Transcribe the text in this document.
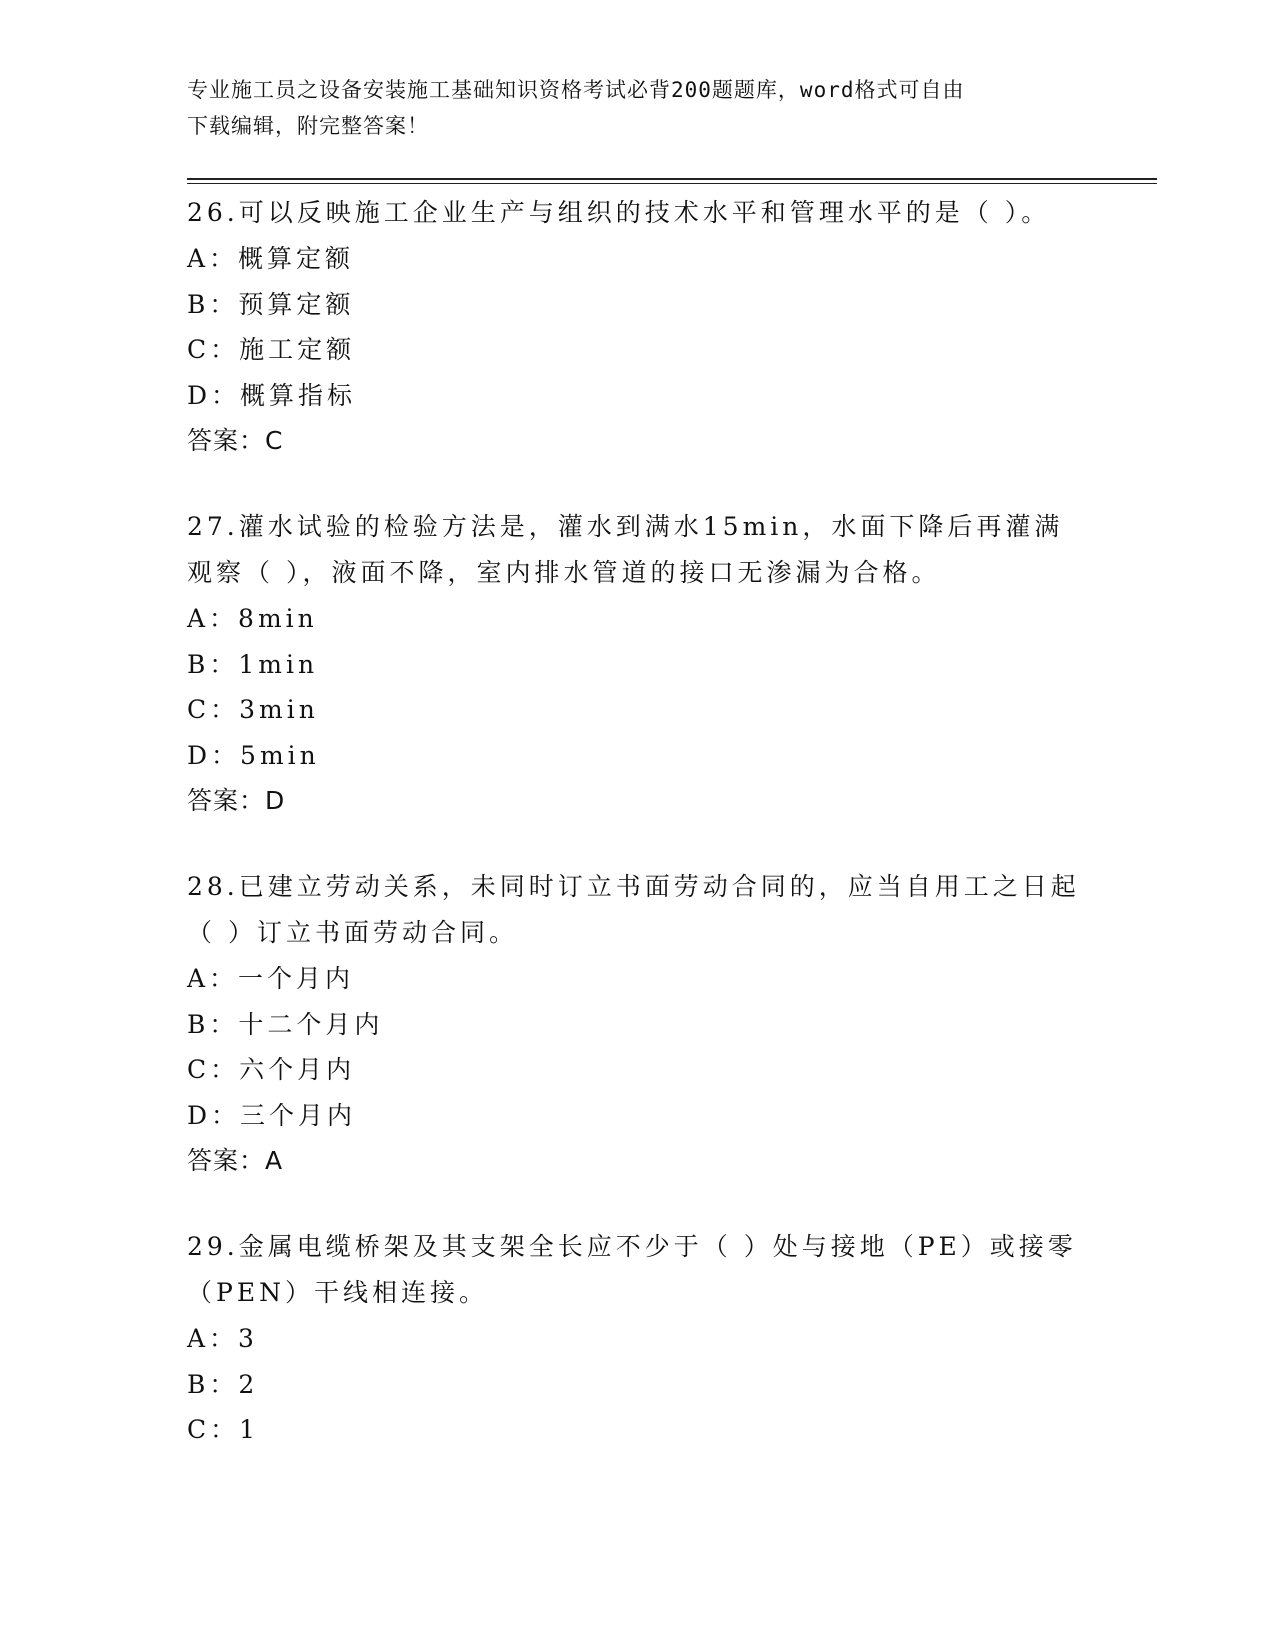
专业施工员之设备安装施工基础知识资格考试必背200题题库，word格式可自由
下载编辑，附完整答案！
26.可以反映施工企业生产与组织的技术水平和管理水平的是（ ）。
A：概算定额
B：预算定额
C：施工定额
D：概算指标
答案：C
27.灌水试验的检验方法是，灌水到满水15min，水面下降后再灌满观察（ ），液面不降，室内排水管道的接口无渗漏为合格。
A：8min
B：1min
C：3min
D：5min
答案：D
28.已建立劳动关系，未同时订立书面劳动合同的，应当自用工之日起（ ）订立书面劳动合同。
A：一个月内
B：十二个月内
C：六个月内
D：三个月内
答案：A
29.金属电缆桥架及其支架全长应不少于（ ）处与接地（PE）或接零（PEN）干线相连接。
A：3
B：2
C：1
